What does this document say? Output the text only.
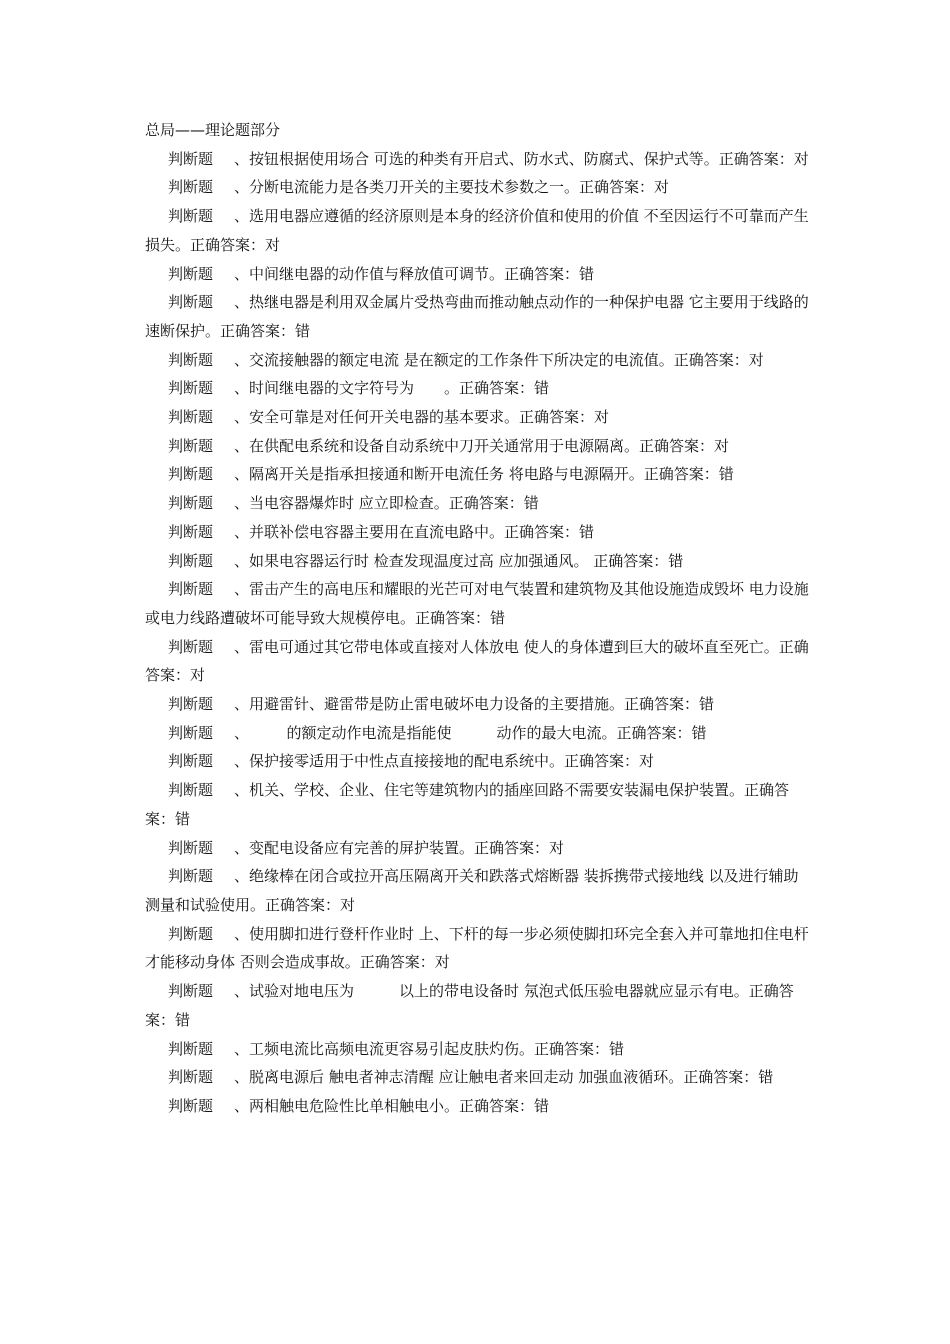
总局——理论题部分
判断题 、按钮根据使用场合 可选的种类有开启式、防水式、防腐式、保护式等。正确答案：对
判断题 、分断电流能力是各类刀开关的主要技术参数之一。正确答案：对
判断题 、选用电器应遵循的经济原则是本身的经济价值和使用的价值 不至因运行不可靠而产生损失。正确答案：对
判断题 、中间继电器的动作值与释放值可调节。正确答案：错
判断题 、热继电器是利用双金属片受热弯曲而推动触点动作的一种保护电器 它主要用于线路的速断保护。正确答案：错
判断题 、交流接触器的额定电流 是在额定的工作条件下所决定的电流值。正确答案：对
判断题 、时间继电器的文字符号为　　。正确答案：错
判断题 、安全可靠是对任何开关电器的基本要求。正确答案：对
判断题 、在供配电系统和设备自动系统中刀开关通常用于电源隔离。正确答案：对
判断题 、隔离开关是指承担接通和断开电流任务 将电路与电源隔开。正确答案：错
判断题 、当电容器爆炸时 应立即检查。正确答案：错
判断题 、并联补偿电容器主要用在直流电路中。正确答案：错
判断题 、如果电容器运行时 检查发现温度过高 应加强通风。 正确答案：错
判断题 、雷击产生的高电压和耀眼的光芒可对电气装置和建筑物及其他设施造成毁坏 电力设施或电力线路遭破坏可能导致大规模停电。正确答案：错
判断题 、雷电可通过其它带电体或直接对人体放电 使人的身体遭到巨大的破坏直至死亡。正确答案：对
判断题 、用避雷针、避雷带是防止雷电破坏电力设备的主要措施。正确答案：错
判断题 、　　　的额定动作电流是指能使　　　动作的最大电流。正确答案：错
判断题 、保护接零适用于中性点直接接地的配电系统中。正确答案：对
判断题 、机关、学校、企业、住宅等建筑物内的插座回路不需要安装漏电保护装置。正确答案：错
判断题 、变配电设备应有完善的屏护装置。正确答案：对
判断题 、绝缘棒在闭合或拉开高压隔离开关和跌落式熔断器 装拆携带式接地线 以及进行辅助测量和试验使用。正确答案：对
判断题 、使用脚扣进行登杆作业时 上、下杆的每一步必须使脚扣环完全套入并可靠地扣住电杆 才能移动身体 否则会造成事故。正确答案：对
判断题 、试验对地电压为　　　以上的带电设备时 氖泡式低压验电器就应显示有电。正确答案：错
判断题 、工频电流比高频电流更容易引起皮肤灼伤。正确答案：错
判断题 、脱离电源后 触电者神志清醒 应让触电者来回走动 加强血液循环。正确答案：错
判断题 、两相触电危险性比单相触电小。正确答案：错
